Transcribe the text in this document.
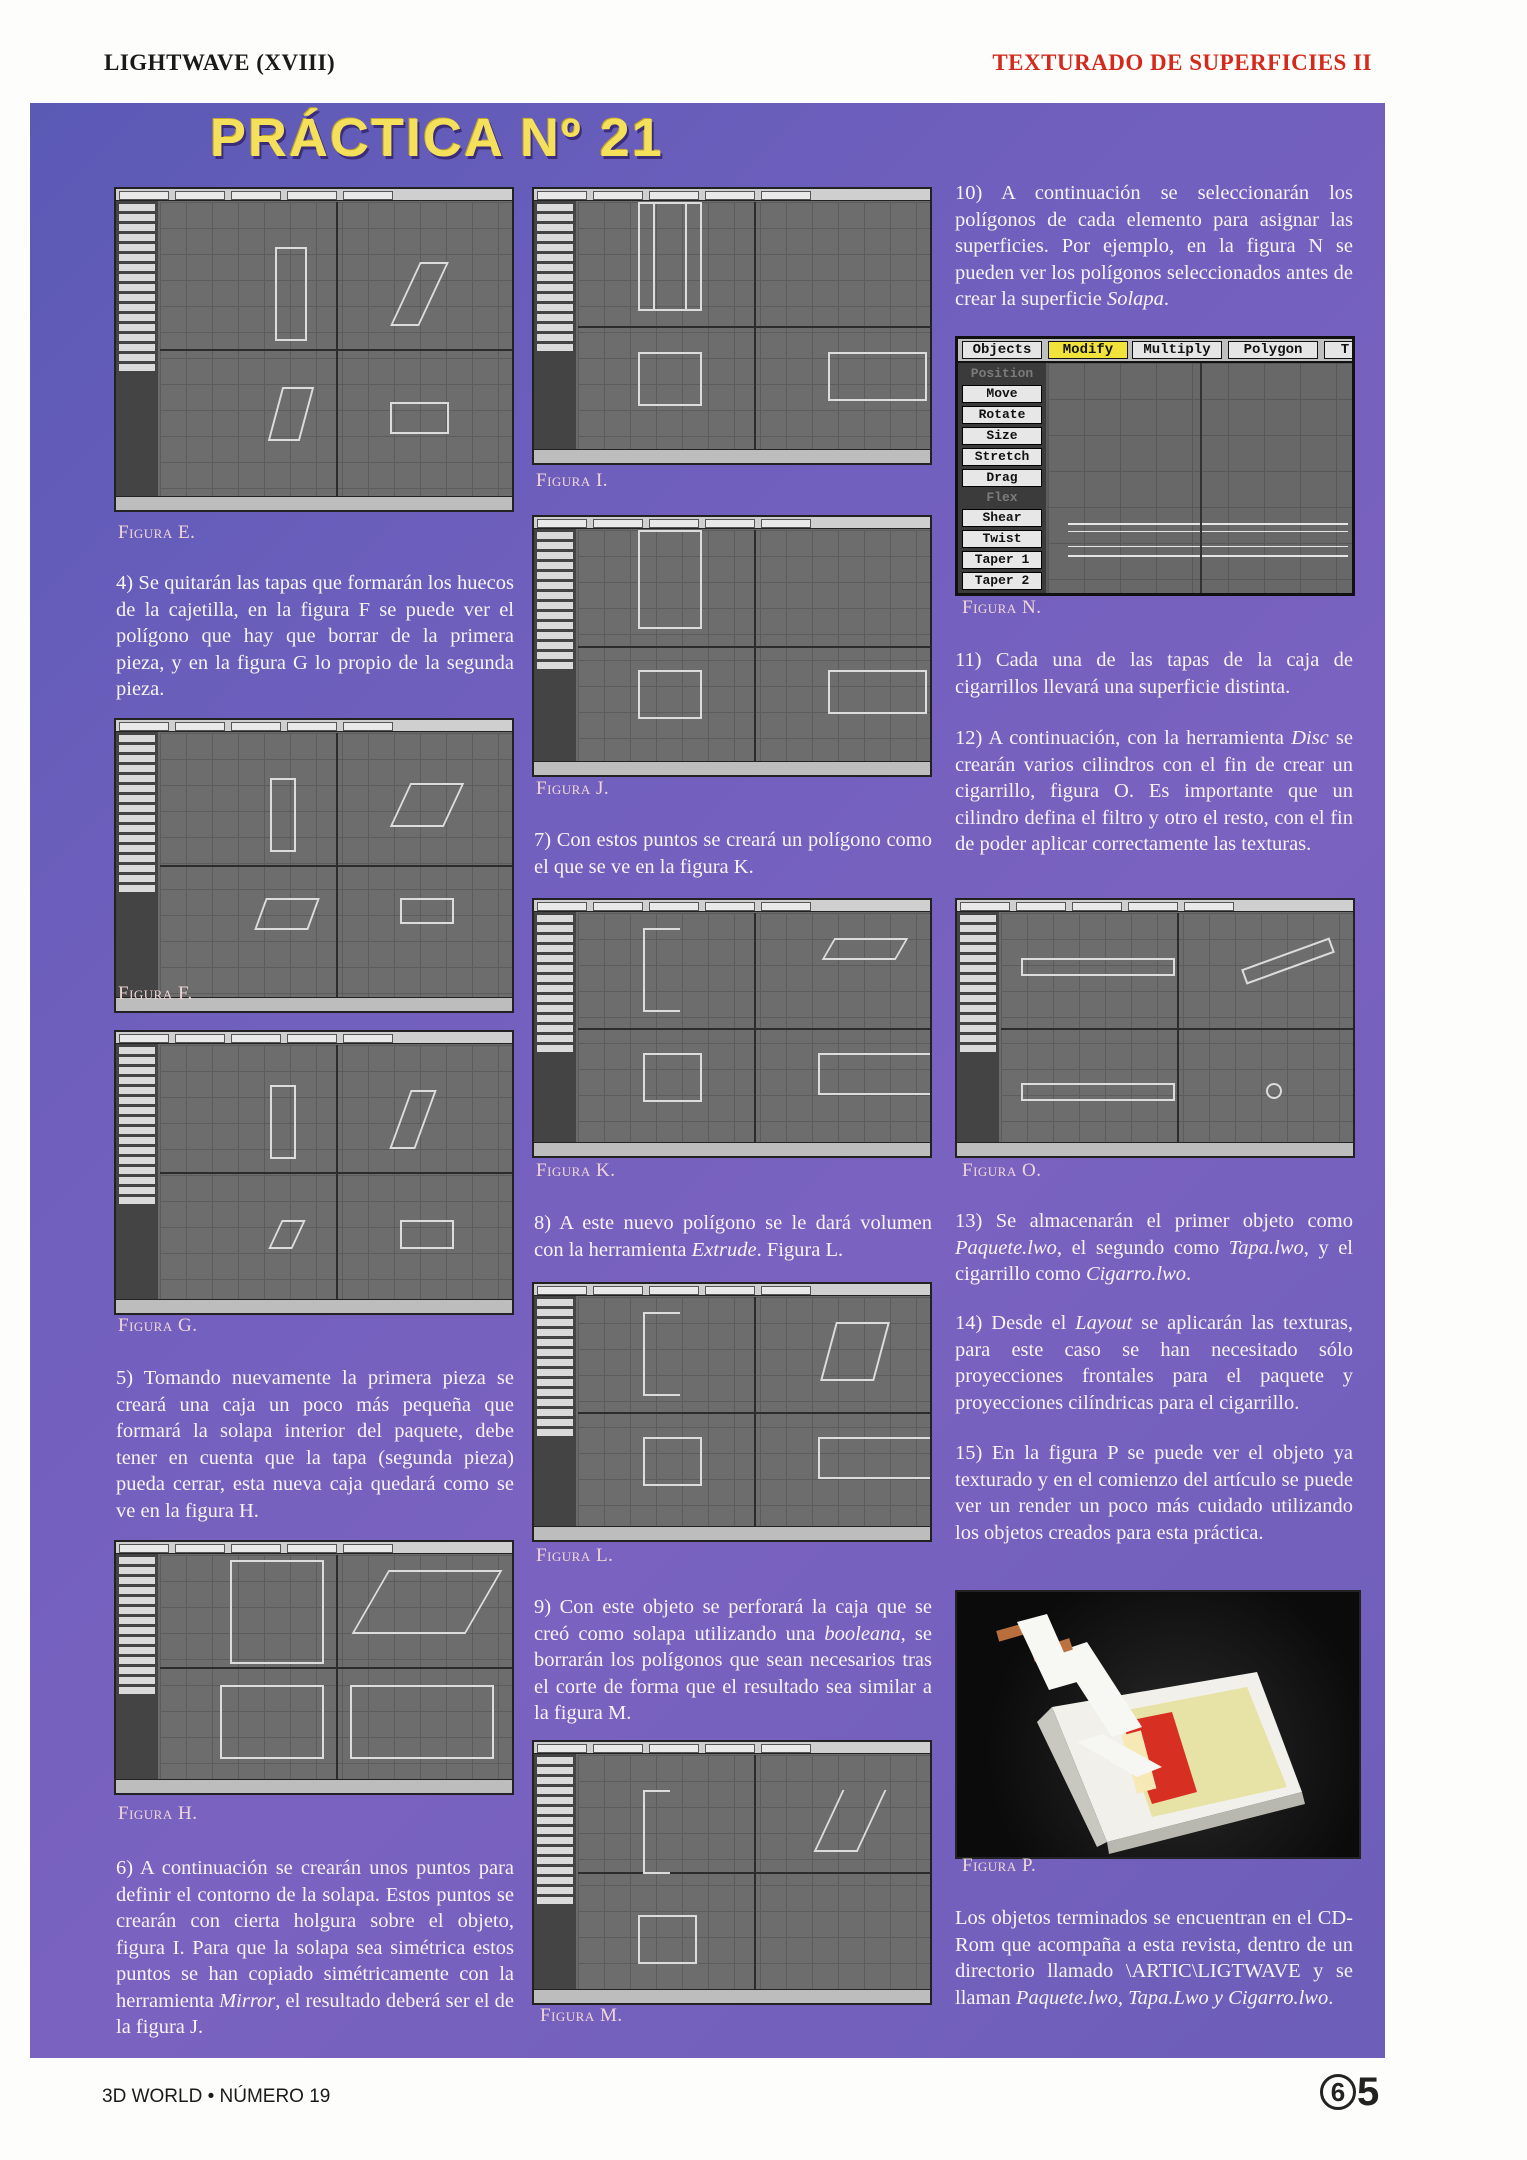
LIGHTWAVE (XVIII)	TEXTURADO DE SUPERFICIES II
PRÁCTICA Nº 21
Figura E.

4) Se quitarán las tapas que formarán los huecos de la cajetilla, en la figura F se puede ver el polígono que hay que borrar de la primera pieza, y en la figura G lo propio de la segunda pieza.

Figura F.
Figura G.

5) Tomando nuevamente la primera pieza se creará una caja un poco más pequeña que formará la solapa interior del paquete, debe tener en cuenta que la tapa (segunda pieza) pueda cerrar, esta nueva caja quedará como se ve en la figura H.

Figura H.

6) A continuación se crearán unos puntos para definir el contorno de la solapa. Estos puntos se crearán con cierta holgura sobre el objeto, figura I. Para que la solapa sea simétrica estos puntos se han copiado simétricamente con la herramienta Mirror, el resultado deberá ser el de la figura J.

Figura I.
Figura J.

7) Con estos puntos se creará un polígono como el que se ve en la figura K.

Figura K.

8) A este nuevo polígono se le dará volumen con la herramienta Extrude. Figura L.

Figura L.

9) Con este objeto se perforará la caja que se creó como solapa utilizando una booleana, se borrarán los polígonos que sean necesarios tras el corte de forma que el resultado sea similar a la figura M.

Figura M.

10) A continuación se seleccionarán los polígonos de cada elemento para asignar las superficies. Por ejemplo, en la figura N se pueden ver los polígonos seleccionados antes de crear la superficie Solapa.

Objects	Modify	Multiply	Polygon	T
Position
Move
Rotate
Size
Stretch
Drag
Flex
Shear
Twist
Taper 1
Taper 2
Figura N.

11) Cada una de las tapas de la caja de cigarrillos llevará una superficie distinta.

12) A continuación, con la herramienta Disc se crearán varios cilindros con el fin de crear un cigarrillo, figura O. Es importante que un cilindro defina el filtro y otro el resto, con el fin de poder aplicar correctamente las texturas.

Figura O.

13) Se almacenarán el primer objeto como Paquete.lwo, el segundo como Tapa.lwo, y el cigarrillo como Cigarro.lwo.

14) Desde el Layout se aplicarán las texturas, para este caso se han necesitado sólo proyecciones frontales para el paquete y proyecciones cilíndricas para el cigarrillo.

15) En la figura P se puede ver el objeto ya texturado y en el comienzo del artículo se puede ver un render un poco más cuidado utilizando los objetos creados para esta práctica.

Figura P.

Los objetos terminados se encuentran en el CD-Rom que acompaña a esta revista, dentro de un directorio llamado \ARTIC\LIGTWAVE y se llaman Paquete.lwo, Tapa.Lwo y Cigarro.lwo.

3D WORLD • NÚMERO 19	6 5
